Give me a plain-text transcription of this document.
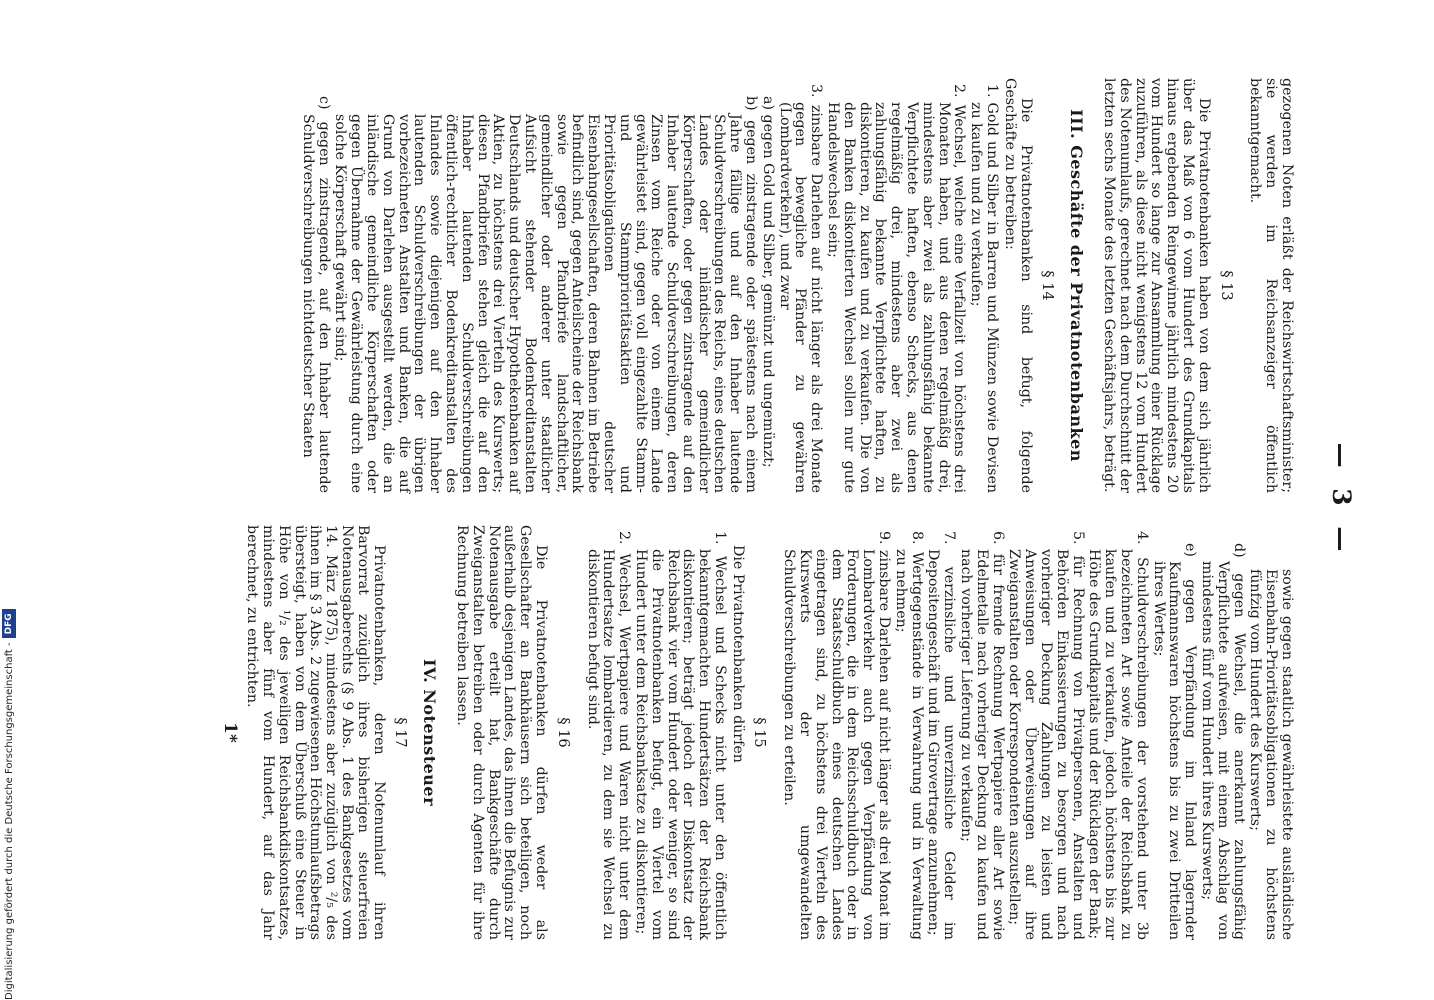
— 3 —

gezogenen Noten erläßt der Reichswirtschaftsminister; sie werden im Reichsanzeiger öffentlich bekanntgemacht.

§ 13

Die Privatnotenbanken haben von dem sich jährlich über das Maß von 6 vom Hundert des Grundkapitals hinaus ergebenden Reingewinne jährlich mindestens 20 vom Hundert so lange zur Ansammlung einer Rücklage zuzuführen, als diese nicht wenigstens 12 vom Hundert des Notenumlaufs, gerechnet nach dem Durchschnitt der letzten sechs Monate des letzten Geschäftsjahrs, beträgt.

III. Geschäfte der Privatnotenbanken
§ 14

Die Privatnotenbanken sind befugt, folgende Geschäfte zu betreiben:

1. Gold und Silber in Barren und Münzen sowie Devisen zu kaufen und zu verkaufen;

2. Wechsel, welche eine Verfallzeit von höchstens drei Monaten haben, und aus denen regelmäßig drei, mindestens aber zwei als zahlungsfähig bekannte Verpflichtete haften, ebenso Schecks, aus denen regelmäßig drei, mindestens aber zwei als zahlungsfähig bekannte Verpflichtete haften, zu diskontieren, zu kaufen und zu verkaufen. Die von den Banken diskontierten Wechsel sollen nur gute Handelswechsel sein;

3. zinsbare Darlehen auf nicht länger als drei Monate gegen bewegliche Pfänder zu gewähren (Lombardverkehr), und zwar

a) gegen Gold und Silber, gemünzt und ungemünzt;

b) gegen zinstragende oder spätestens nach einem Jahre fällige und auf den Inhaber lautende Schuldverschreibungen des Reichs, eines deutschen Landes oder inländischer gemeindlicher Körperschaften, oder gegen zinstragende auf den Inhaber lautende Schuldverschreibungen, deren Zinsen vom Reiche oder von einem Lande gewährleistet sind, gegen voll eingezahlte Stamm- und Stammprioritätsaktien und Prioritätsobligationen deutscher Eisenbahngesellschaften, deren Bahnen im Betriebe befindlich sind, gegen Anteilscheine der Reichsbank sowie gegen Pfandbriefe landschaftlicher, gemeindlicher oder anderer unter staatlicher Aufsicht stehender Bodenkreditanstalten Deutschlands und deutscher Hypothekenbanken auf Aktien, zu höchstens drei Vierteln des Kurswerts; diesen Pfandbriefen stehen gleich die auf den Inhaber lautenden Schuldverschreibungen öffentlich-rechtlicher Bodenkreditanstalten des Inlandes sowie diejenigen auf den Inhaber lautenden Schuldverschreibungen der übrigen vorbezeichneten Anstalten und Banken, die auf Grund von Darlehen ausgestellt werden, die an inländische gemeindliche Körperschaften oder gegen Übernahme der Gewährleistung durch eine solche Körperschaft gewährt sind;

c) gegen zinstragende, auf den Inhaber lautende Schuldverschreibungen nichtdeutscher Staaten

sowie gegen staatlich gewährleistete ausländische Eisenbahn-Prioritätsobligationen zu höchstens fünfzig vom Hundert des Kurswerts;

d) gegen Wechsel, die anerkannt zahlungsfähig Verpflichtete aufweisen, mit einem Abschlag von mindestens fünf vom Hundert ihres Kurswerts;

e) gegen Verpfändung im Inland lagernder Kaufmannswaren höchstens bis zu zwei Dritteilen ihres Wertes;

4. Schuldverschreibungen der vorstehend unter 3b bezeichneten Art sowie Anteile der Reichsbank zu kaufen und zu verkaufen, jedoch höchstens bis zur Höhe des Grundkapitals und der Rücklagen der Bank;

5. für Rechnung von Privatpersonen, Anstalten und Behörden Einkassierungen zu besorgen und nach vorheriger Deckung Zahlungen zu leisten und Anweisungen oder Überweisungen auf ihre Zweiganstalten oder Korrespondenten auszustellen;

6. für fremde Rechnung Wertpapiere aller Art sowie Edelmetalle nach vorheriger Deckung zu kaufen und nach vorheriger Lieferung zu verkaufen;

7. verzinsliche und unverzinsliche Gelder im Depositengeschäft und im Girovertrage anzunehmen;

8. Wertgegenstände in Verwahrung und in Verwaltung zu nehmen;

9. zinsbare Darlehen auf nicht länger als drei Monat im Lombardverkehr auch gegen Verpfändung von Forderungen, die in dem Reichsschuldbuch oder in dem Staatsschuldbuch eines deutschen Landes eingetragen sind, zu höchstens drei Vierteln des Kurswerts der umgewandelten Schuldverschreibungen zu erteilen.

§ 15

Die Privatnotenbanken dürfen

1. Wechsel und Schecks nicht unter den öffentlich bekanntgemachten Hundertsätzen der Reichsbank diskontieren; beträgt jedoch der Diskontsatz der Reichsbank vier vom Hundert oder weniger, so sind die Privatnotenbanken befugt, ein Viertel vom Hundert unter dem Reichsbanksatze zu diskontieren;

2. Wechsel, Wertpapiere und Waren nicht unter dem Hundertsatze lombardieren, zu dem sie Wechsel zu diskontieren befugt sind.

§ 16

Die Privatnotenbanken dürfen weder als Gesellschafter an Bankhäusern sich beteiligen, noch außerhalb desjenigen Landes, das ihnen die Befugnis zur Notenausgabe erteilt hat, Bankgeschäfte durch Zweiganstalten betreiben oder durch Agenten für ihre Rechnung betreiben lassen.

IV. Notensteuer
§ 17

Privatnotenbanken, deren Notenumlauf ihren Barvorrat zuzüglich ihres bisherigen steuerfreien Notenausgaberechts (§ 9 Abs. 1 des Bankgesetzes vom 14. März 1875), mindestens aber zuzüglich von ²/₅ des ihnen im § 3 Abs. 2 zugewiesenen Höchstumlaufsbetrags übersteigt, haben von dem Überschuß eine Steuer in Höhe von ¹/₂ des jeweiligen Reichsbankdiskontsatzes, mindestens aber fünf vom Hundert, auf das Jahr berechnet, zu entrichten.

1*
Digitalisierung gefördert durch die Deutsche Forschungsgemeinschaft -
DFG
